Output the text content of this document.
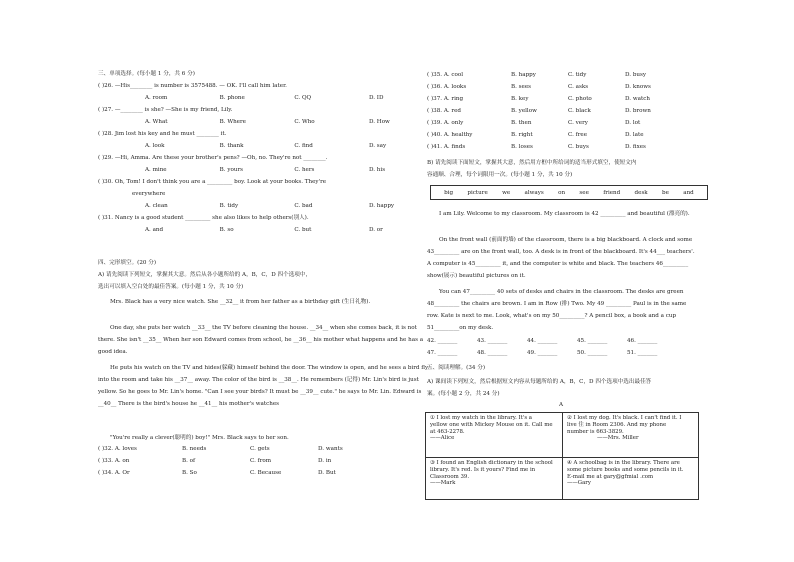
三、单项选择。(每小题 1 分，共 6 分)
( )26. —His________ is number is 3575488. — OK. I'll call him later.
A. room	B. phone	C. QQ	D. ID
( )27. —________ is she? —She is my friend, Lily.
A. What	B. Where	C. Who	D. How
( )28. Jim lost his key and he must ________ it.
A. look	B. thank	C. find	D. say
( )29. —Hi, Amma. Are these your brother's pens? —Oh, no. They're not ________.
A. mine	B. yours	C. hers	D. his
( )30. Oh, Tom! I don't think you are a _________ boy. Look at your books. They're
everywhere
A. clean	B. tidy	C. bad	D. happy
( )31. Nancy is a good student _________ she also likes to help others(别人).
A. and	B. so	C. but	D. or
四、完形填空。(20 分)
A) 请先阅读下列短文，掌握其大意。然后从各小题所给的 A，B，C，D 四个选项中，
选出可以填入空白处的最佳答案。(每小题 1 分，共 10 分)
Mrs. Black has a very nice watch. She __32__ it from her father as a birthday gift (生日礼物).
One day, she puts her watch __33__ the TV before cleaning the house. __34__ when she comes back, it is not there. She isn't __35__ When her son Edward comes from school, he __36__ his mother what happens and he has a good idea.
He puts his watch on the TV and hides(躲藏) himself behind the door. The window is open, and he sees a bird fly into the room and take his __37__ away. The color of the bird is __38__. He remembers (记得) Mr. Lin's bird is just yellow. So he goes to Mr. Lin's home. "Can I see your birds? It must be __39__ cute." he says to Mr. Lin. Edward is __40__ There is the bird's house he __41__ his mother's watches
"You're really a clever(聪明的) boy!" Mrs. Black says to her son.
( )32. A. loves	B. needs	C. gets	D. wants
( )33. A. on	B. of	C. from	D. in
( )34. A. Or	B. So	C. Because	D. But
( )35. A. cool	B. happy	C. tidy	D. busy
( )36. A. looks	B. sees	C. asks	D. knows
( )37. A. ring	B. key	C. photo	D. watch
( )38. A. red	B. yellow	C. black	D. brown
( )39. A. only	B. then	C. very	D. lot
( )40. A. healthy	B. right	C. free	D. late
( )41. A. finds	B. loses	C. buys	D. fixes
B) 请先阅读下面短文，掌握其大意，然后用方框中所给词的适当形式填空，使短文内
容通顺、合理，每个词限用一次。(每小题 1 分，共 10 分)
big	picture	we	always	on	see	friend	desk	be	and
I am Lily. Welcome to my classroom. My classroom is 42 _________ and beautiful (漂亮的).
On the front wall (前面的墙) of the classroom, there is a big blackboard. A clock and some 43_________ are on the front wall, too. A desk is in front of the blackboard. It's 44___ teachers'. A computer is 45_________ it, and the computer is white and black. The teachers 46_________ show(展示) beautiful pictures on it.
You can 47_________ 40 sets of desks and chairs in the classroom. The desks are green 48_________ the chairs are brown. I am in Row (排) Two. My 49 _________ Paul is in the same row. Kate is next to me. Look, what's on my 50_________? A pencil box, a book and a cup 51_________on my desk.
42. _______	43. _______	44. _______	45. _______	46. _______
47. _______	48. _______	49. _______	50. _______	51. _______
五、阅读理解。(34 分)
A) 课间读下列短文，然后根据短文内容从每题所给的 A，B，C，D 四个选项中选出最佳答
案。(每小题 2 分，共 24 分)
A
① I lost my watch in the library. It's a
yellow one with Mickey Mouse on it. Call me
at 463-2278.
——Alice
② I lost my dog. It's black. I can't find it. I
live 住 in Room 2306. And my phone
number is 663-3829.
——Mrs. Miller
③ I found an English dictionary in the school
library. It's red. Is it yours? Find me in
Classroom 39.
——Mark
④ A schoolbag is in the library. There are
some picture books and some pencils in it.
E-mail me at gary@gfmial .com
——Gary
